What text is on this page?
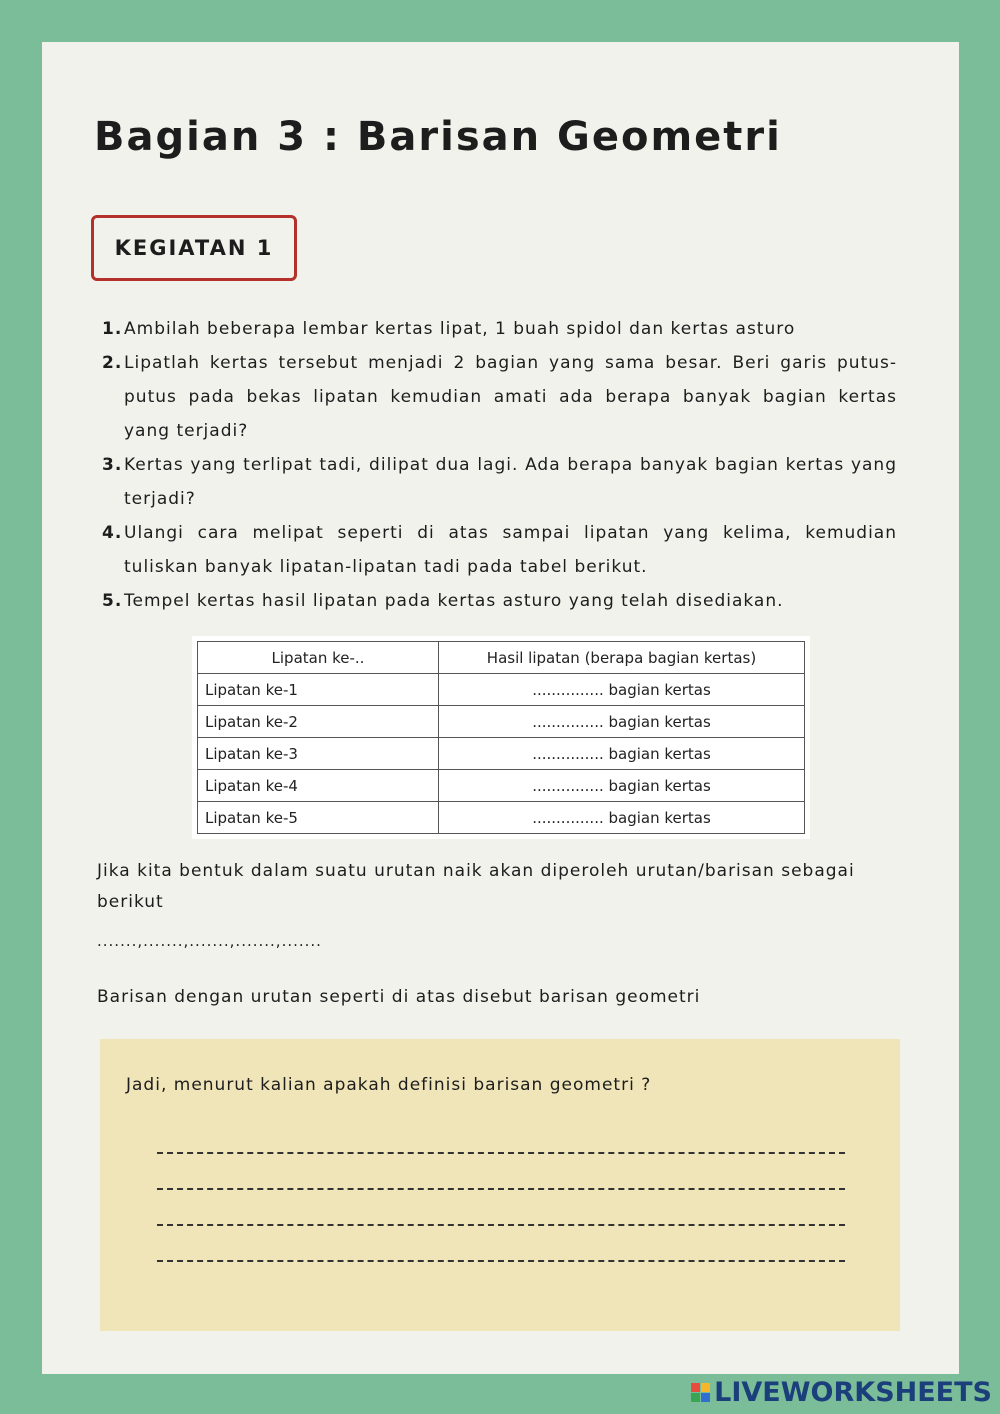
Bagian 3 : Barisan Geometri
KEGIATAN 1
1. Ambilah beberapa lembar kertas lipat, 1 buah spidol dan kertas asturo
2. Lipatlah kertas tersebut menjadi 2 bagian yang sama besar. Beri garis putus-putus pada bekas lipatan kemudian amati ada berapa banyak bagian kertas yang terjadi?
3. Kertas yang terlipat tadi, dilipat dua lagi. Ada berapa banyak bagian kertas yang terjadi?
4. Ulangi cara melipat seperti di atas sampai lipatan yang kelima, kemudian tuliskan banyak lipatan-lipatan tadi pada tabel berikut.
5. Tempel kertas hasil lipatan pada kertas asturo yang telah disediakan.
Lipatan ke-..	Hasil lipatan (berapa bagian kertas)
Lipatan ke-1	............... bagian kertas
Lipatan ke-2	............... bagian kertas
Lipatan ke-3	............... bagian kertas
Lipatan ke-4	............... bagian kertas
Lipatan ke-5	............... bagian kertas
Jika kita bentuk dalam suatu urutan naik akan diperoleh urutan/barisan sebagai berikut
.......,.......,.......,.......,.......
Barisan dengan urutan seperti di atas disebut barisan geometri
Jadi, menurut kalian apakah definisi barisan geometri ?
LIVEWORKSHEETS
